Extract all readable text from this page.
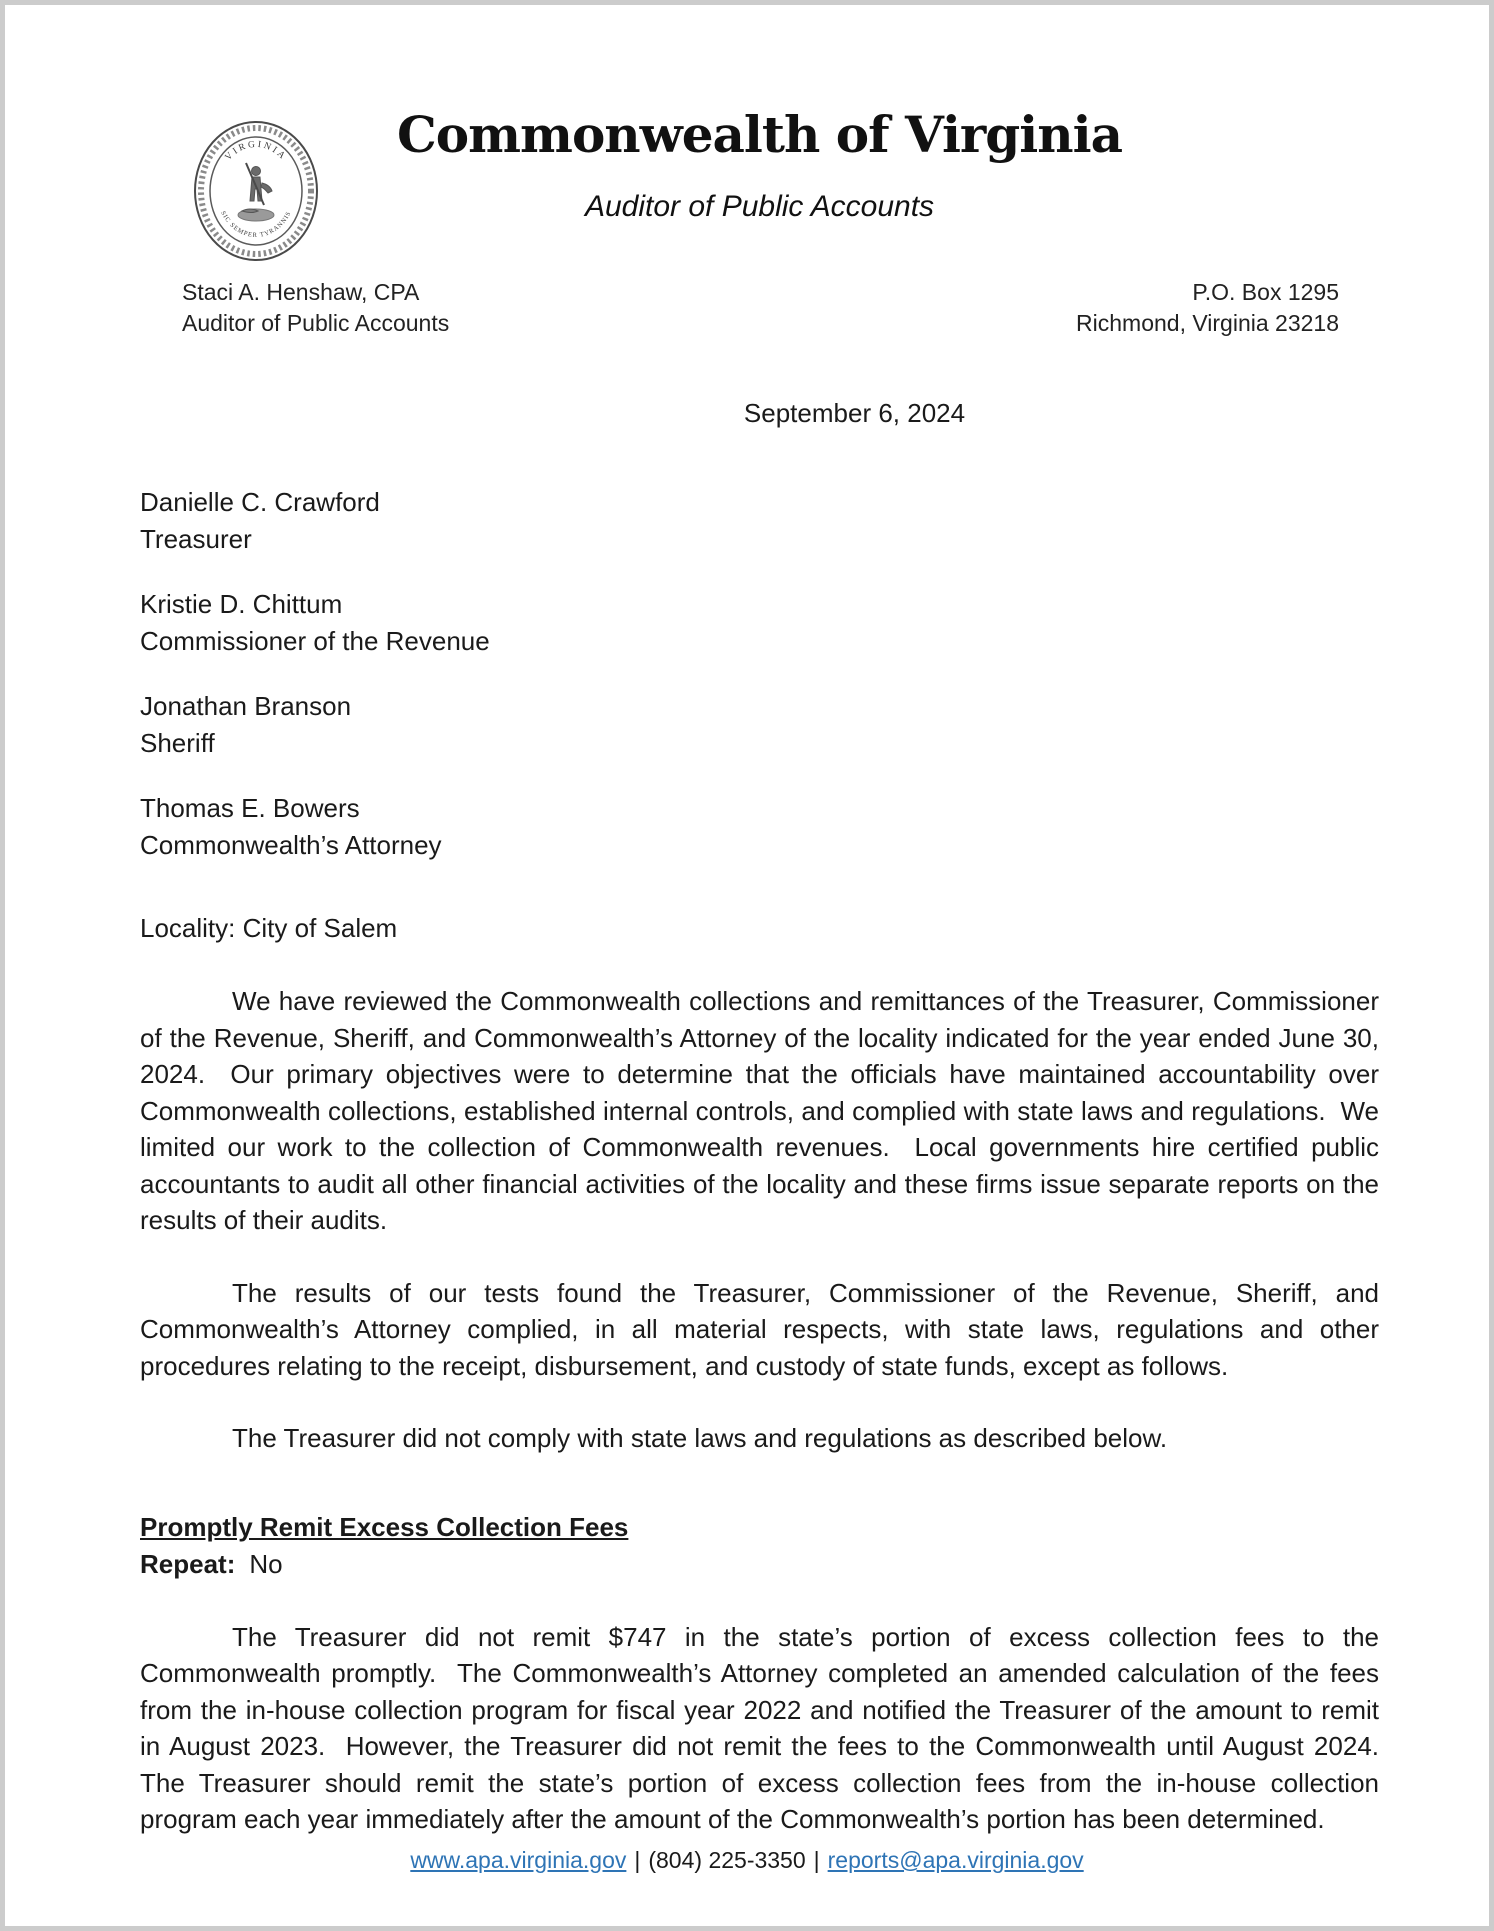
VIRGINIA
SIC SEMPER TYRANNIS
Commonwealth of Virginia
Auditor of Public Accounts
Staci A. Henshaw, CPA
Auditor of Public Accounts
P.O. Box 1295
Richmond, Virginia 23218
September 6, 2024
Danielle C. Crawford
Treasurer
Kristie D. Chittum
Commissioner of the Revenue
Jonathan Branson
Sheriff
Thomas E. Bowers
Commonwealth’s Attorney
Locality: City of Salem

We have reviewed the Commonwealth collections and remittances of the Treasurer, Commissioner of the Revenue, Sheriff, and Commonwealth’s Attorney of the locality indicated for the year ended June 30, 2024.  Our primary objectives were to determine that the officials have maintained accountability over Commonwealth collections, established internal controls, and complied with state laws and regulations.  We limited our work to the collection of Commonwealth revenues.  Local governments hire certified public accountants to audit all other financial activities of the locality and these firms issue separate reports on the results of their audits.

The results of our tests found the Treasurer, Commissioner of the Revenue, Sheriff, and Commonwealth’s Attorney complied, in all material respects, with state laws, regulations and other procedures relating to the receipt, disbursement, and custody of state funds, except as follows.

The Treasurer did not comply with state laws and regulations as described below.

Promptly Remit Excess Collection Fees
Repeat: No

The Treasurer did not remit $747 in the state’s portion of excess collection fees to the Commonwealth promptly.  The Commonwealth’s Attorney completed an amended calculation of the fees from the in-house collection program for fiscal year 2022 and notified the Treasurer of the amount to remit in August 2023.  However, the Treasurer did not remit the fees to the Commonwealth until August 2024.  The Treasurer should remit the state’s portion of excess collection fees from the in-house collection program each year immediately after the amount of the Commonwealth’s portion has been determined.

www.apa.virginia.gov | (804) 225-3350 | reports@apa.virginia.gov
